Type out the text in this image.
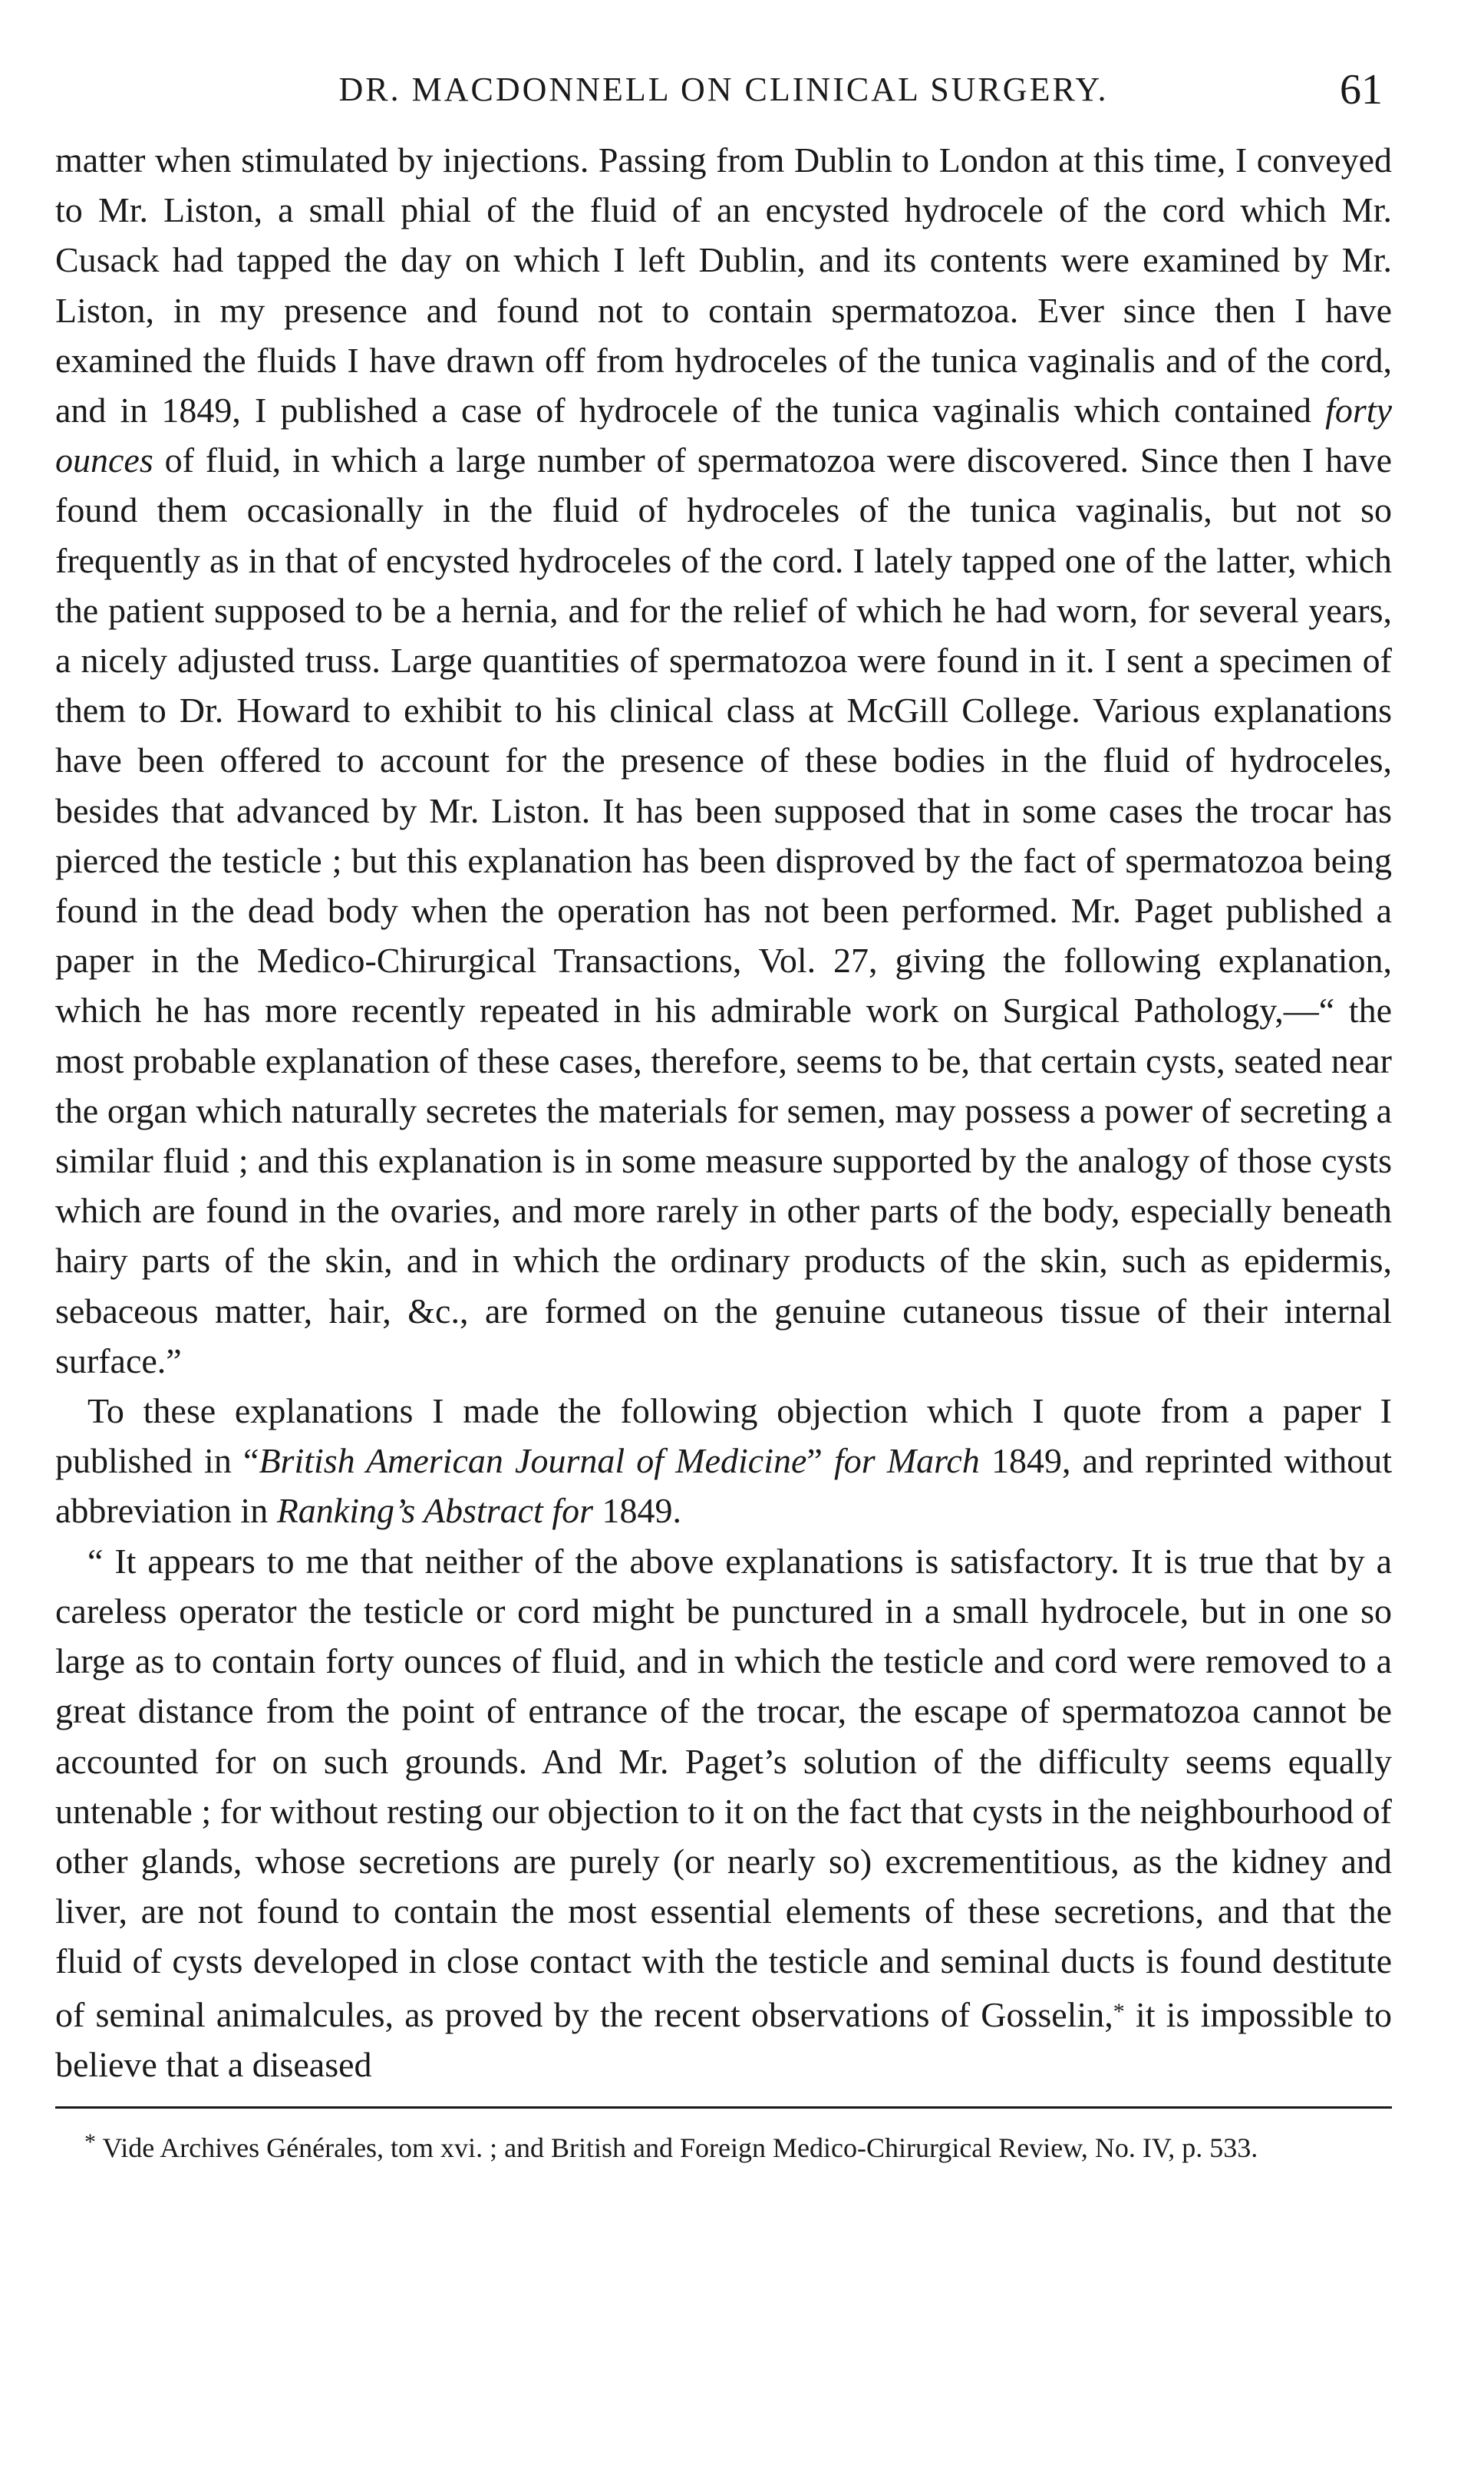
DR. MACDONNELL ON CLINICAL SURGERY.	61

matter when stimulated by injections. Passing from Dublin to London at this time, I conveyed to Mr. Liston, a small phial of the fluid of an encysted hydrocele of the cord which Mr. Cusack had tapped the day on which I left Dublin, and its contents were examined by Mr. Liston, in my presence and found not to contain spermatozoa. Ever since then I have examined the fluids I have drawn off from hydroceles of the tunica vaginalis and of the cord, and in 1849, I published a case of hydrocele of the tunica vaginalis which contained forty ounces of fluid, in which a large number of spermatozoa were discovered. Since then I have found them occasionally in the fluid of hydroceles of the tunica vaginalis, but not so frequently as in that of encysted hydroceles of the cord. I lately tapped one of the latter, which the patient supposed to be a hernia, and for the relief of which he had worn, for several years, a nicely adjusted truss. Large quantities of spermatozoa were found in it. I sent a specimen of them to Dr. Howard to exhibit to his clinical class at McGill College. Various explanations have been offered to account for the presence of these bodies in the fluid of hydroceles, besides that advanced by Mr. Liston. It has been supposed that in some cases the trocar has pierced the testicle ; but this explanation has been disproved by the fact of spermatozoa being found in the dead body when the operation has not been performed. Mr. Paget published a paper in the Medico-Chirurgical Transactions, Vol. 27, giving the following explanation, which he has more recently repeated in his admirable work on Surgical Pathology,—“ the most probable explanation of these cases, therefore, seems to be, that certain cysts, seated near the organ which naturally secretes the materials for semen, may possess a power of secreting a similar fluid ; and this explanation is in some measure supported by the analogy of those cysts which are found in the ovaries, and more rarely in other parts of the body, especially beneath hairy parts of the skin, and in which the ordinary products of the skin, such as epidermis, sebaceous matter, hair, &c., are formed on the genuine cutaneous tissue of their internal surface.”

To these explanations I made the following objection which I quote from a paper I published in “British American Journal of Medicine” for March 1849, and reprinted without abbreviation in Ranking’s Abstract for 1849.

“ It appears to me that neither of the above explanations is satisfactory. It is true that by a careless operator the testicle or cord might be punctured in a small hydrocele, but in one so large as to contain forty ounces of fluid, and in which the testicle and cord were removed to a great distance from the point of entrance of the trocar, the escape of spermatozoa cannot be accounted for on such grounds. And Mr. Paget’s solution of the difficulty seems equally untenable ; for without resting our objection to it on the fact that cysts in the neighbourhood of other glands, whose secretions are purely (or nearly so) excrementitious, as the kidney and liver, are not found to contain the most essential elements of these secretions, and that the fluid of cysts developed in close contact with the testicle and seminal ducts is found destitute of seminal animalcules, as proved by the recent observations of Gosselin,* it is impossible to believe that a diseased

* Vide Archives Générales, tom xvi. ; and British and Foreign Medico-Chirurgical Review, No. IV, p. 533.
